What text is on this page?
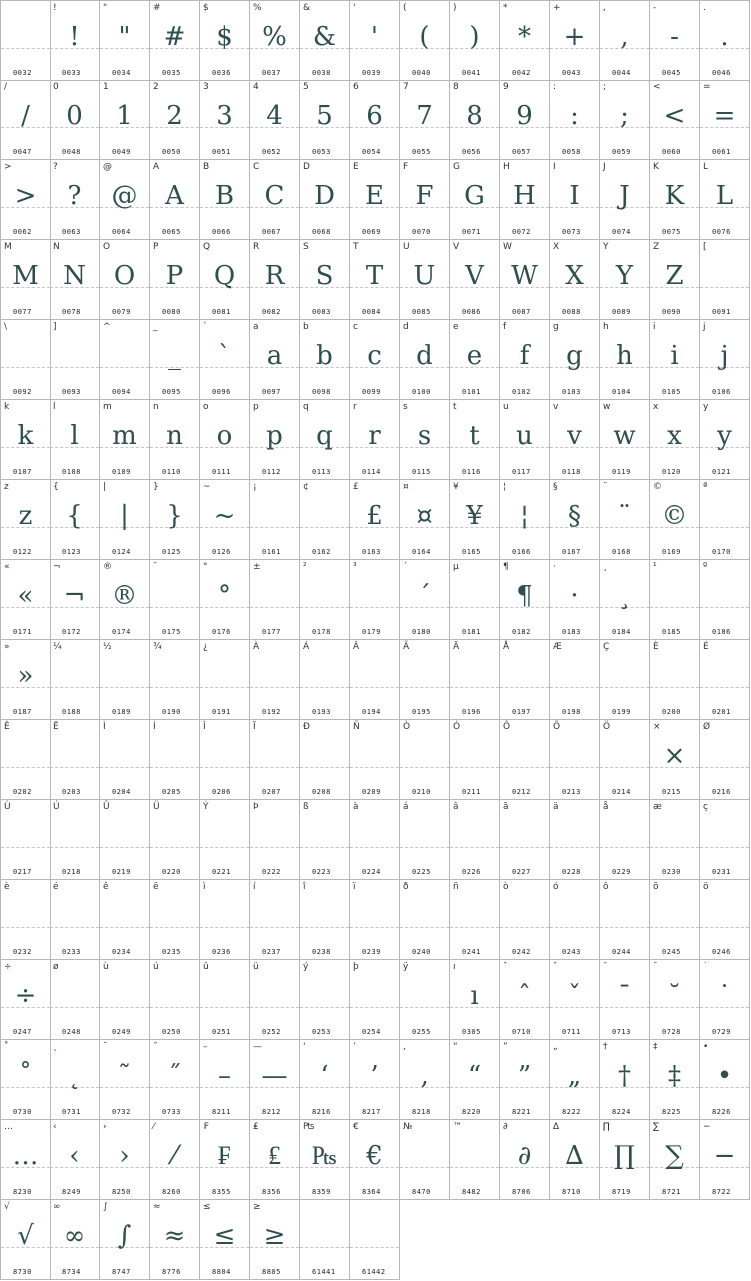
0032
!
!
0033
"
"
0034
#
#
0035
$
$
0036
%
%
0037
&
&
0038
'
'
0039
(
(
0040
)
)
0041
*
*
0042
+
+
0043
,
,
0044
-
-
0045
.
.
0046
/
/
0047
0
0
0048
1
1
0049
2
2
0050
3
3
0051
4
4
0052
5
5
0053
6
6
0054
7
7
0055
8
8
0056
9
9
0057
:
:
0058
;
;
0059
<
<
0060
=
=
0061
>
>
0062
?
?
0063
@
@
0064
A
A
0065
B
B
0066
C
C
0067
D
D
0068
E
E
0069
F
F
0070
G
G
0071
H
H
0072
I
I
0073
J
J
0074
K
K
0075
L
L
0076
M
M
0077
N
N
0078
O
O
0079
P
P
0080
Q
Q
0081
R
R
0082
S
S
0083
T
T
0084
U
U
0085
V
V
0086
W
W
0087
X
X
0088
Y
Y
0089
Z
Z
0090
[
0091
\
0092
]
0093
^
0094
_
_
0095
`
`
0096
a
a
0097
b
b
0098
c
c
0099
d
d
0100
e
e
0101
f
f
0102
g
g
0103
h
h
0104
i
i
0105
j
j
0106
k
k
0107
l
l
0108
m
m
0109
n
n
0110
o
o
0111
p
p
0112
q
q
0113
r
r
0114
s
s
0115
t
t
0116
u
u
0117
v
v
0118
w
w
0119
x
x
0120
y
y
0121
z
z
0122
{
{
0123
|
|
0124
}
}
0125
~
~
0126
¡
0161
¢
0162
£
£
0163
¤
¤
0164
¥
¥
0165
¦
¦
0166
§
§
0167
¨
¨
0168
©
©
0169
ª
0170
«
«
0171
¬
¬
0172
®
®
0174
¯
0175
°
°
0176
±
0177
²
0178
³
0179
´
´
0180
µ
0181
¶
¶
0182
·
·
0183
¸
¸
0184
¹
0185
º
0186
»
»
0187
¼
0188
½
0189
¾
0190
¿
0191
À
0192
Á
0193
Â
0194
Ã
0195
Ä
0196
Å
0197
Æ
0198
Ç
0199
È
0200
É
0201
Ê
0202
Ë
0203
Ì
0204
Í
0205
Î
0206
Ï
0207
Ð
0208
Ñ
0209
Ò
0210
Ó
0211
Ô
0212
Õ
0213
Ö
0214
×
×
0215
Ø
0216
Ù
0217
Ú
0218
Û
0219
Ü
0220
Ý
0221
Þ
0222
ß
0223
à
0224
á
0225
â
0226
ã
0227
ä
0228
å
0229
æ
0230
ç
0231
è
0232
é
0233
ê
0234
ë
0235
ì
0236
í
0237
î
0238
ï
0239
ð
0240
ñ
0241
ò
0242
ó
0243
ô
0244
õ
0245
ö
0246
÷
÷
0247
ø
0248
ù
0249
ú
0250
û
0251
ü
0252
ý
0253
þ
0254
ÿ
0255
ı
ı
0305
ˆ
ˆ
0710
ˇ
ˇ
0711
ˉ
ˉ
0713
˘
˘
0728
˙
˙
0729
˚
˚
0730
˛
˛
0731
˜
˜
0732
˝
˝
0733
–
–
8211
—
—
8212
‘
‘
8216
’
’
8217
‚
‚
8218
“
“
8220
”
”
8221
„
„
8222
†
†
8224
‡
‡
8225
•
•
8226
…
…
8230
‹
‹
8249
›
›
8250
⁄
⁄
8260
₣
₣
8355
₤
₤
8356
₧
₧
8359
€
€
8364
№
8470
™
8482
∂
∂
8706
∆
∆
8710
∏
∏
8719
∑
∑
8721
−
−
8722
√
√
8730
∞
∞
8734
∫
∫
8747
≈
≈
8776
≤
≤
8804
≥
≥
8805	61441	61442
